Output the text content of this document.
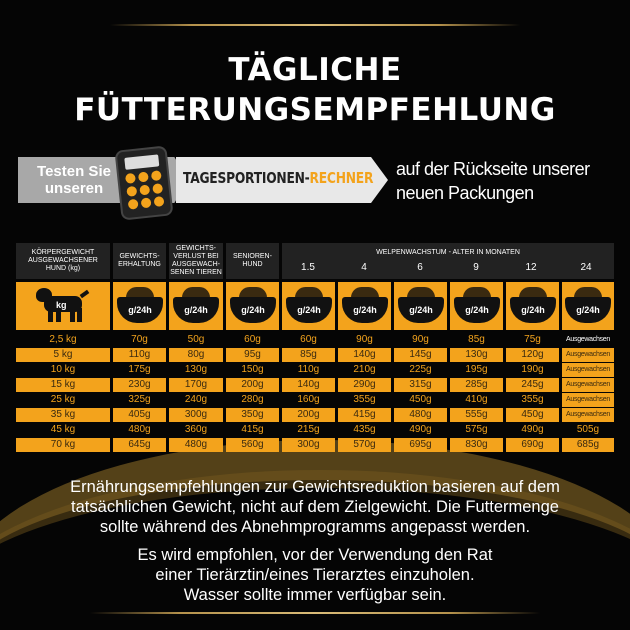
TÄGLICHE
FÜTTERUNGSEMPFEHLUNG
Testen Sie
unseren
TAGESPORTIONEN-RECHNER auf der Rückseite unserer
neuen Packungen
KÖRPERGEWICHT
AUSGEWACHSENER
HUND (kg)
GEWICHTS-
ERHALTUNG
GEWICHTS-
VERLUST BEI
AUSGEWACH-
SENEN TIEREN
SENIOREN-
HUND
WELPENWACHSTUM - ALTER IN MONATEN
1.5	4	6	9	12	24
kg	g/24h	g/24h	g/24h	g/24h	g/24h	g/24h	g/24h	g/24h	g/24h
2,5 kg	70g	50g	60g	60g	90g	90g	85g	75g	Ausgewachsen
5 kg	110g	80g	95g	85g	140g	145g	130g	120g	Ausgewachsen
10 kg	175g	130g	150g	110g	210g	225g	195g	190g	Ausgewachsen
15 kg	230g	170g	200g	140g	290g	315g	285g	245g	Ausgewachsen
25 kg	325g	240g	280g	160g	355g	450g	410g	355g	Ausgewachsen
35 kg	405g	300g	350g	200g	415g	480g	555g	450g	Ausgewachsen
45 kg	480g	360g	415g	215g	435g	490g	575g	490g	505g
70 kg	645g	480g	560g	300g	570g	695g	830g	690g	685g
Ernährungsempfehlungen zur Gewichtsreduktion basieren auf dem
tatsächlichen Gewicht, nicht auf dem Zielgewicht. Die Futtermenge
sollte während des Abnehmprogramms angepasst werden.
Es wird empfohlen, vor der Verwendung den Rat
einer Tierärztin/eines Tierarztes einzuholen.
Wasser sollte immer verfügbar sein.
